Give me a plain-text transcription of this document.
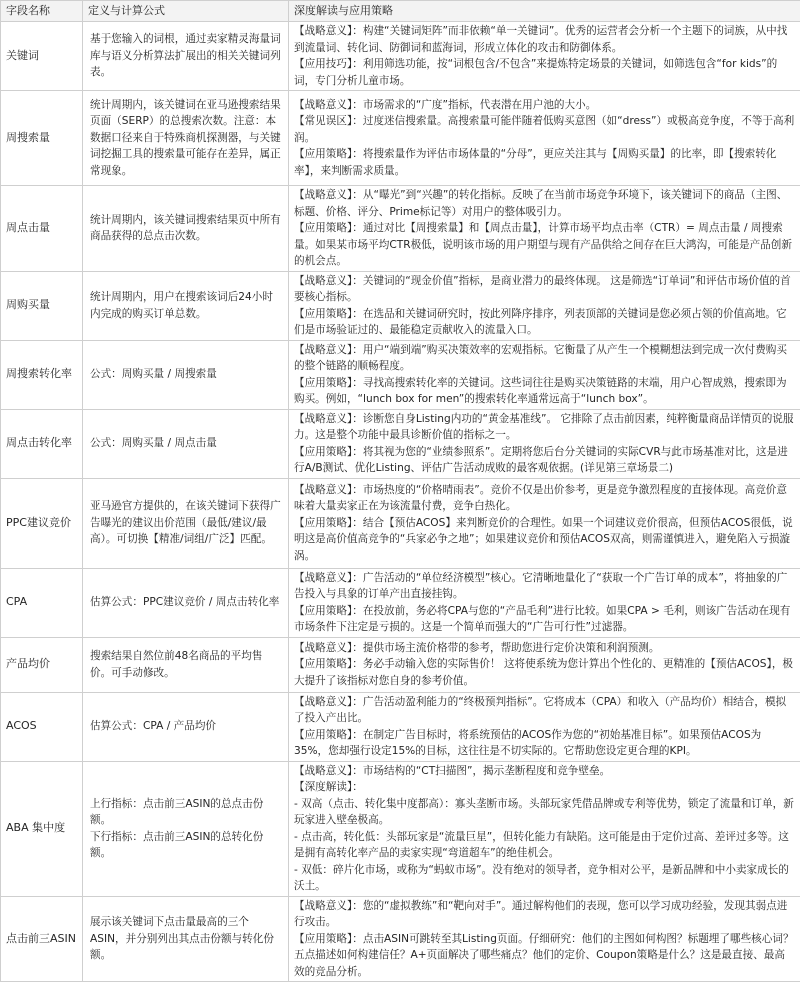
字段名称	定义与计算公式	深度解读与应用策略
关键词	基于您输入的词根，通过卖家精灵海量词库与语义分析算法扩展出的相关关键词列表。	【战略意义】：构建“关键词矩阵”而非依赖“单一关键词”。优秀的运营者会分析一个主题下的词族，从中找到流量词、转化词、防御词和蓝海词，形成立体化的攻击和防御体系。
【应用技巧】：利用筛选功能，按“词根包含/不包含”来提炼特定场景的关键词，如筛选包含“for kids”的词，专门分析儿童市场。

周搜索量	统计周期内，该关键词在亚马逊搜索结果页面（SERP）的总搜索次数。注意：本数据口径来自于特殊商机探测器，与关键词挖掘工具的搜索量可能存在差异，属正常现象。	【战略意义】：市场需求的“广度”指标，代表潜在用户池的大小。
【常见误区】：过度迷信搜索量。高搜索量可能伴随着低购买意图（如“dress”）或极高竞争度，不等于高利润。
【应用策略】：将搜索量作为评估市场体量的“分母”，更应关注其与【周购买量】的比率，即【搜索转化率】，来判断需求质量。

周点击量	统计周期内，该关键词搜索结果页中所有商品获得的总点击次数。	【战略意义】：从“曝光”到“兴趣”的转化指标。反映了在当前市场竞争环境下，该关键词下的商品（主图、标题、价格、评分、Prime标记等）对用户的整体吸引力。
【应用策略】：通过对比【周搜索量】和【周点击量】，计算市场平均点击率（CTR）= 周点击量 / 周搜索量。如果某市场平均CTR极低，说明该市场的用户期望与现有产品供给之间存在巨大鸿沟，可能是产品创新的机会点。

周购买量	统计周期内，用户在搜索该词后24小时内完成的购买订单总数。	【战略意义】：关键词的“现金价值”指标，是商业潜力的最终体现。 这是筛选“订单词”和评估市场价值的首要核心指标。
【应用策略】：在选品和关键词研究时，按此列降序排序，列表顶部的关键词是您必须占领的价值高地。它们是市场验证过的、最能稳定贡献收入的流量入口。

周搜索转化率	公式：周购买量 / 周搜索量	【战略意义】：用户“端到端”购买决策效率的宏观指标。它衡量了从产生一个模糊想法到完成一次付费购买的整个链路的顺畅程度。
【应用策略】：寻找高搜索转化率的关键词。这些词往往是购买决策链路的末端，用户心智成熟，搜索即为购买。例如，“lunch box for men”的搜索转化率通常远高于“lunch box”。

周点击转化率	公式：周购买量 / 周点击量	【战略意义】：诊断您自身Listing内功的“黄金基准线”。 它排除了点击前因素，纯粹衡量商品详情页的说服力。这是整个功能中最具诊断价值的指标之一。
【应用策略】：将其视为您的“业绩参照系”。定期将您后台分关键词的实际CVR与此市场基准对比，这是进行A/B测试、优化Listing、评估广告活动成败的最客观依据。(详见第三章场景二)

PPC建议竞价	亚马逊官方提供的，在该关键词下获得广告曝光的建议出价范围（最低/建议/最高）。可切换【精准/词组/广泛】匹配。	【战略意义】：市场热度的“价格晴雨表”。竞价不仅是出价参考，更是竞争激烈程度的直接体现。高竞价意味着大量卖家正在为该流量付费，竞争白热化。
【应用策略】：结合【预估ACOS】来判断竞价的合理性。如果一个词建议竞价很高，但预估ACOS很低，说明这是高价值高竞争的“兵家必争之地”；如果建议竞价和预估ACOS双高，则需谨慎进入，避免陷入亏损漩涡。

CPA	估算公式：PPC建议竞价 / 周点击转化率	【战略意义】：广告活动的“单位经济模型”核心。它清晰地量化了“获取一个广告订单的成本”，将抽象的广告投入与具象的订单产出直接挂钩。
【应用策略】：在投放前，务必将CPA与您的“产品毛利”进行比较。如果CPA > 毛利，则该广告活动在现有市场条件下注定是亏损的。这是一个简单而强大的“广告可行性”过滤器。

产品均价	搜索结果自然位前48名商品的平均售价。可手动修改。	【战略意义】：提供市场主流价格带的参考，帮助您进行定价决策和利润预测。
【应用策略】：务必手动输入您的实际售价！ 这将使系统为您计算出个性化的、更精准的【预估ACOS】，极大提升了该指标对您自身的参考价值。

ACOS	估算公式：CPA / 产品均价	【战略意义】：广告活动盈利能力的“终极预判指标”。它将成本（CPA）和收入（产品均价）相结合，模拟了投入产出比。
【应用策略】：在制定广告目标时，将系统预估的ACOS作为您的“初始基准目标”。如果预估ACOS为35%，您却强行设定15%的目标，这往往是不切实际的。它帮助您设定更合理的KPI。

ABA 集中度	上行指标：点击前三ASIN的总点击份额。
下行指标：点击前三ASIN的总转化份额。	【战略意义】：市场结构的“CT扫描图”，揭示垄断程度和竞争壁垒。
【深度解读】：
- 双高（点击、转化集中度都高）：寡头垄断市场。头部玩家凭借品牌或专利等优势，锁定了流量和订单，新玩家进入壁垒极高。
- 点击高，转化低：头部玩家是“流量巨星”，但转化能力有缺陷。这可能是由于定价过高、差评过多等。这是拥有高转化率产品的卖家实现“弯道超车”的绝佳机会。
- 双低：碎片化市场，或称为“蚂蚁市场”。没有绝对的领导者，竞争相对公平，是新品牌和中小卖家成长的沃土。

点击前三ASIN	展示该关键词下点击量最高的三个ASIN，并分别列出其点击份额与转化份额。	【战略意义】：您的“虚拟教练”和“靶向对手”。通过解构他们的表现，您可以学习成功经验，发现其弱点进行攻击。
【应用策略】：点击ASIN可跳转至其Listing页面。仔细研究：他们的主图如何构图？标题埋了哪些核心词？五点描述如何构建信任？A+页面解决了哪些痛点？他们的定价、Coupon策略是什么？这是最直接、最高效的竞品分析。
